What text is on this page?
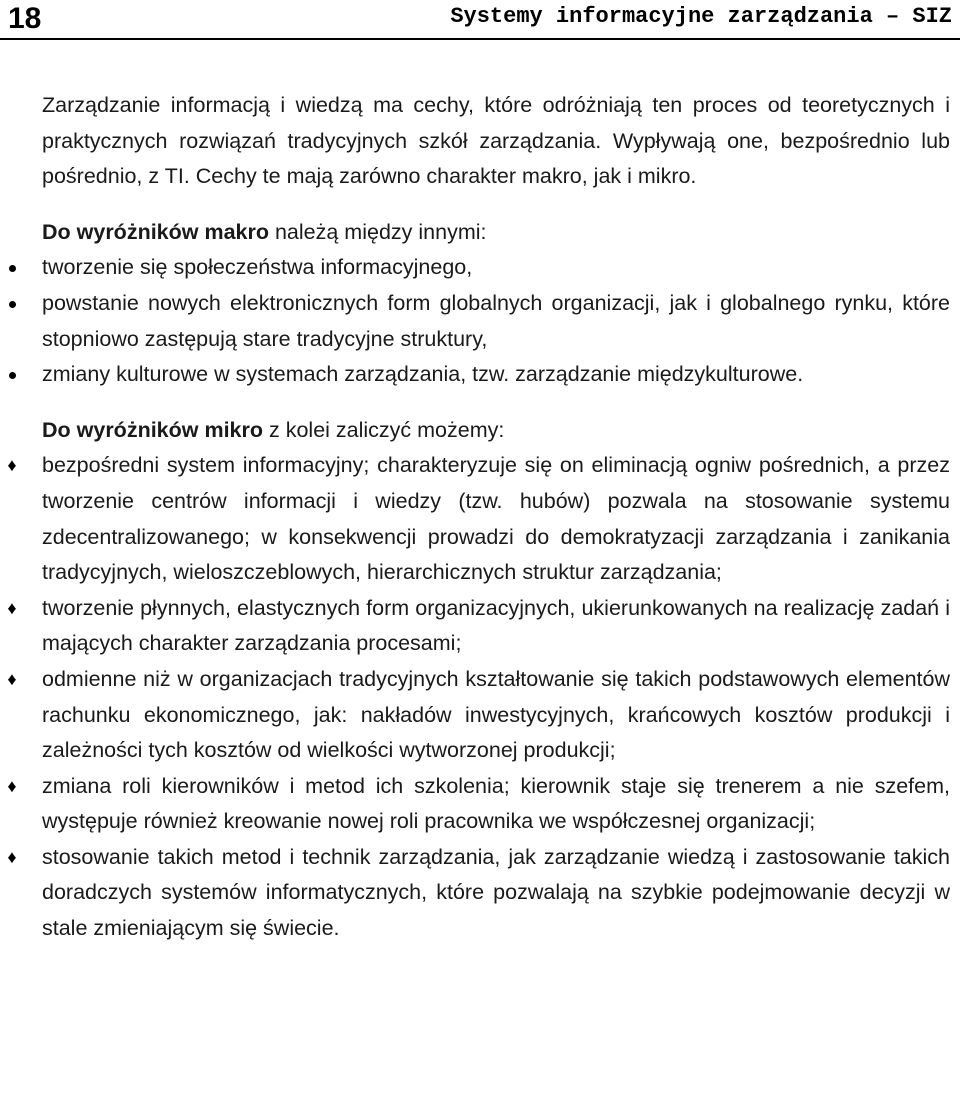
18	Systemy informacyjne zarządzania – SIZ

Zarządzanie informacją i wiedzą ma cechy, które odróżniają ten proces od teoretycznych i praktycznych rozwiązań tradycyjnych szkół zarządzania. Wypływają one, bezpośrednio lub pośrednio, z TI. Cechy te mają zarówno charakter makro, jak i mikro.

Do wyróżników makro należą między innymi:

tworzenie się społeczeństwa informacyjnego,
powstanie nowych elektronicznych form globalnych organizacji, jak i globalnego rynku, które stopniowo zastępują stare tradycyjne struktury,
zmiany kulturowe w systemach zarządzania, tzw. zarządzanie międzykulturowe.

Do wyróżników mikro z kolei zaliczyć możemy:

♦ bezpośredni system informacyjny; charakteryzuje się on eliminacją ogniw pośrednich, a przez tworzenie centrów informacji i wiedzy (tzw. hubów) pozwala na stosowanie systemu zdecentralizowanego; w konsekwencji prowadzi do demokratyzacji zarządzania i zanikania tradycyjnych, wieloszczeblowych, hierarchicznych struktur zarządzania;
♦ tworzenie płynnych, elastycznych form organizacyjnych, ukierunkowanych na realizację zadań i mających charakter zarządzania procesami;
♦ odmienne niż w organizacjach tradycyjnych kształtowanie się takich podstawowych elementów rachunku ekonomicznego, jak: nakładów inwestycyjnych, krańcowych kosztów produkcji i zależności tych kosztów od wielkości wytworzonej produkcji;
♦ zmiana roli kierowników i metod ich szkolenia; kierownik staje się trenerem a nie szefem, występuje również kreowanie nowej roli pracownika we współczesnej organizacji;
♦ stosowanie takich metod i technik zarządzania, jak zarządzanie wiedzą i zastosowanie takich doradczych systemów informatycznych, które pozwalają na szybkie podejmowanie decyzji w stale zmieniającym się świecie.
